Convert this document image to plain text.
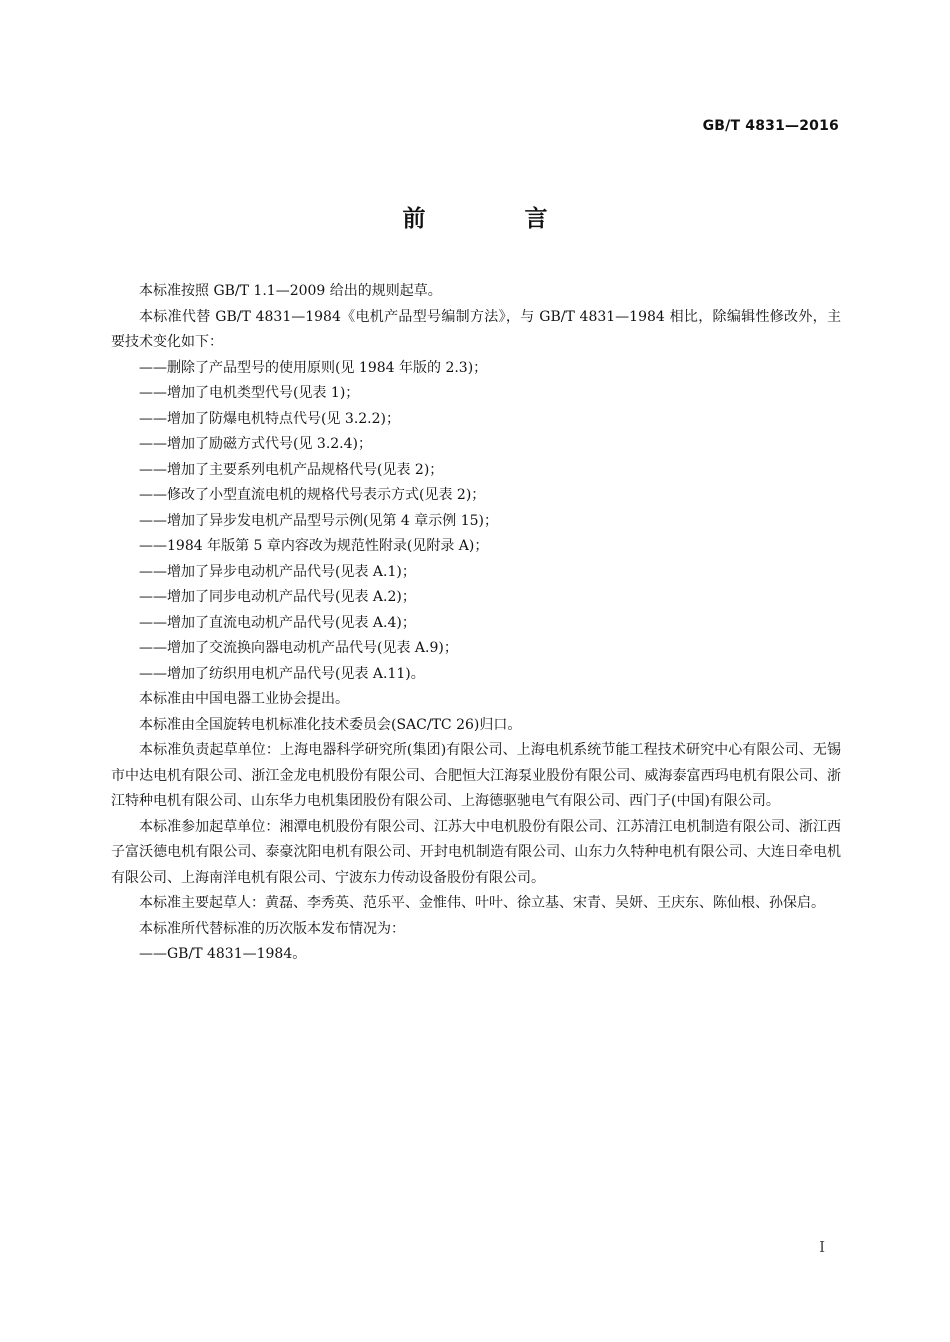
GB/T 4831—2016
前　言

本标准按照 GB/T 1.1—2009 给出的规则起草。

本标准代替 GB/T 4831—1984《电机产品型号编制方法》，与 GB/T 4831—1984 相比，除编辑性修改外，主要技术变化如下：

——删除了产品型号的使用原则(见 1984 年版的 2.3)；

——增加了电机类型代号(见表 1)；

——增加了防爆电机特点代号(见 3.2.2)；

——增加了励磁方式代号(见 3.2.4)；

——增加了主要系列电机产品规格代号(见表 2)；

——修改了小型直流电机的规格代号表示方式(见表 2)；

——增加了异步发电机产品型号示例(见第 4 章示例 15)；

——1984 年版第 5 章内容改为规范性附录(见附录 A)；

——增加了异步电动机产品代号(见表 A.1)；

——增加了同步电动机产品代号(见表 A.2)；

——增加了直流电动机产品代号(见表 A.4)；

——增加了交流换向器电动机产品代号(见表 A.9)；

——增加了纺织用电机产品代号(见表 A.11)。

本标准由中国电器工业协会提出。

本标准由全国旋转电机标准化技术委员会(SAC/TC 26)归口。

本标准负责起草单位：上海电器科学研究所(集团)有限公司、上海电机系统节能工程技术研究中心有限公司、无锡市中达电机有限公司、浙江金龙电机股份有限公司、合肥恒大江海泵业股份有限公司、威海泰富西玛电机有限公司、浙江特种电机有限公司、山东华力电机集团股份有限公司、上海德驱驰电气有限公司、西门子(中国)有限公司。

本标准参加起草单位：湘潭电机股份有限公司、江苏大中电机股份有限公司、江苏清江电机制造有限公司、浙江西子富沃德电机有限公司、泰豪沈阳电机有限公司、开封电机制造有限公司、山东力久特种电机有限公司、大连日牵电机有限公司、上海南洋电机有限公司、宁波东力传动设备股份有限公司。

本标准主要起草人：黄磊、李秀英、范乐平、金惟伟、叶叶、徐立基、宋青、吴妍、王庆东、陈仙根、孙保启。

本标准所代替标准的历次版本发布情况为：

——GB/T 4831—1984。

I
